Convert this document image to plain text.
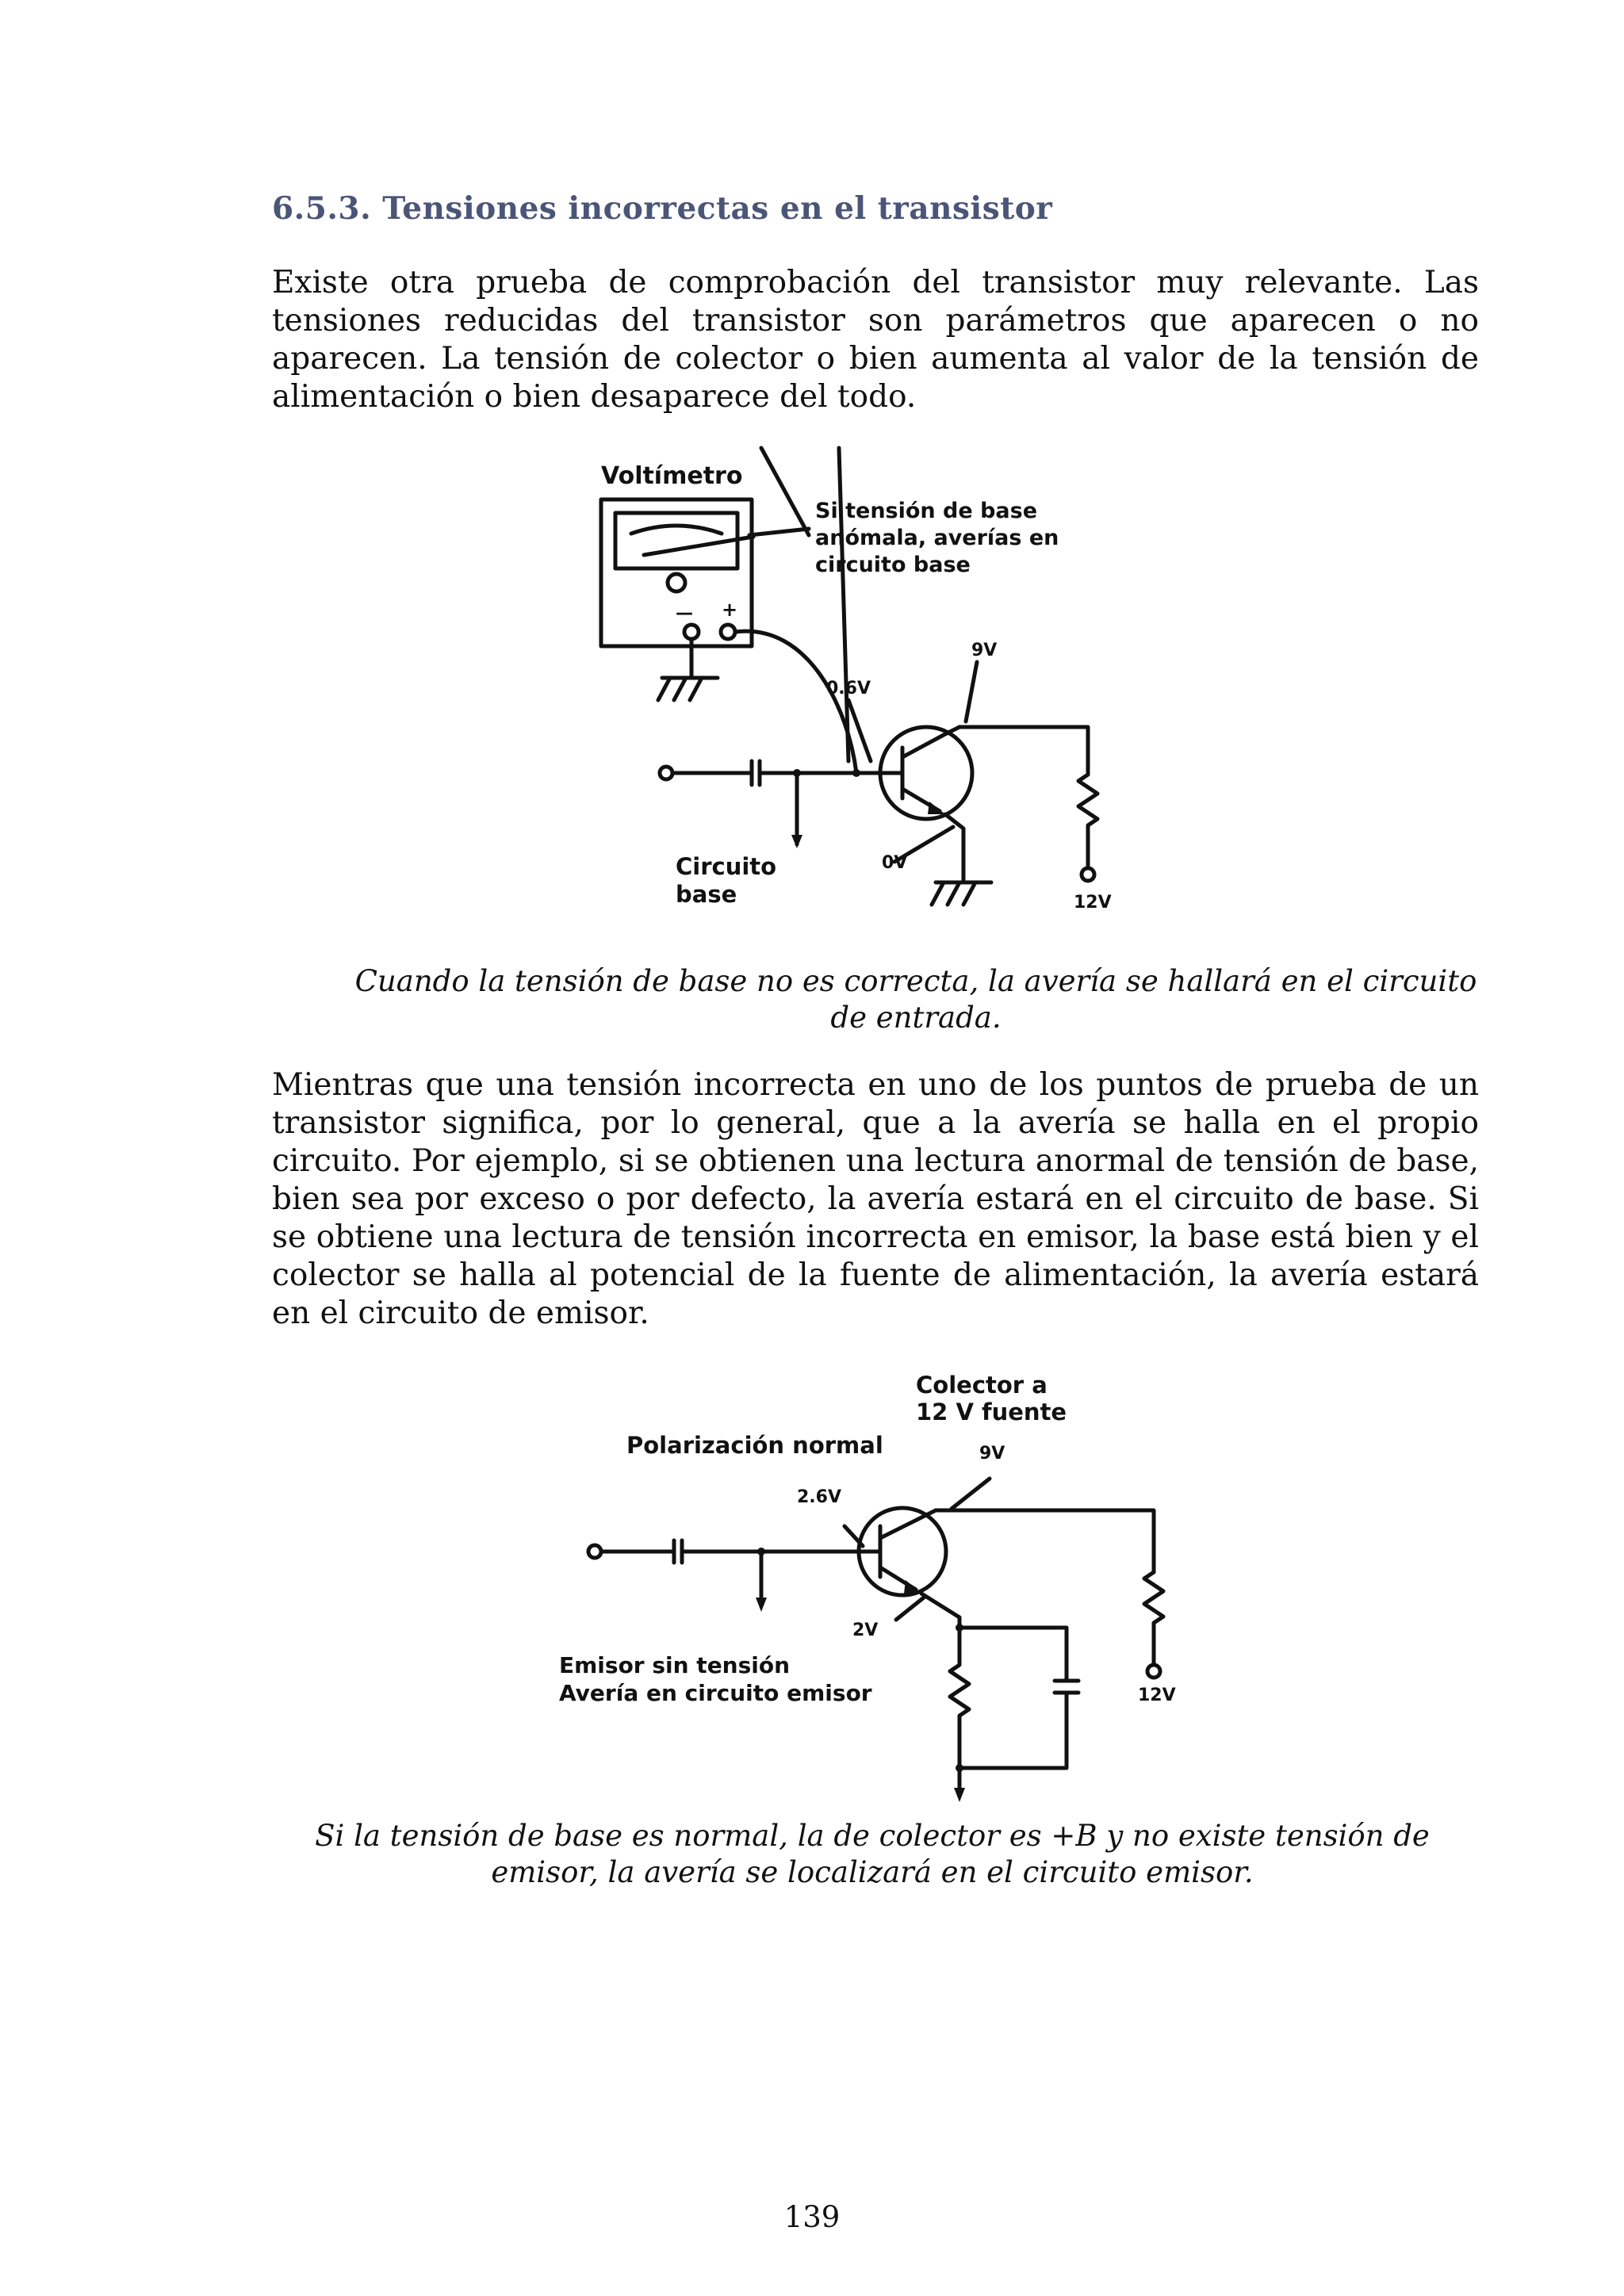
6.5.3. Tensiones incorrectas en el transistor
Existe otra prueba de comprobación del transistor muy relevante. Las tensiones reducidas del transistor son parámetros que aparecen o no aparecen. La tensión de colector o bien aumenta al valor de la tensión de alimentación o bien desaparece del todo.
— +
Voltímetro
Si tensión de base
anómala, averías en
circuito base
9V
0.6V
0V
12V
Circuito
base
Cuando la tensión de base no es correcta, la avería se hallará en el circuito de entrada.
Mientras que una tensión incorrecta en uno de los puntos de prueba de un transistor significa, por lo general, que a la avería se halla en el propio circuito. Por ejemplo, si se obtienen una lectura anormal de tensión de base, bien sea por exceso o por defecto, la avería estará en el circuito de base. Si se obtiene una lectura de tensión incorrecta en emisor, la base está bien y el colector se halla al potencial de la fuente de alimentación, la avería estará en el circuito de emisor.
Colector a
12 V fuente
Polarización normal	9V
2.6V
2V
12V
Emisor sin tensión
Avería en circuito emisor
Si la tensión de base es normal, la de colector es +B y no existe tensión de emisor, la avería se localizará en el circuito emisor.
139
